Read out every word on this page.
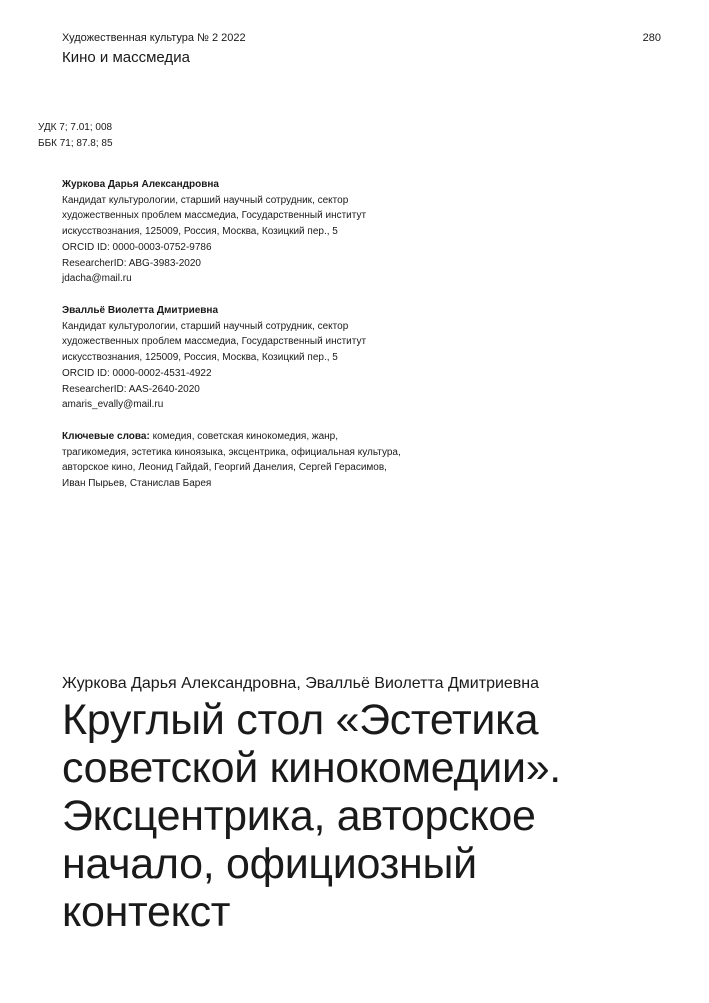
Художественная культура № 2 2022
Кино и массмедиа
280
УДК 7; 7.01; 008
ББК 71; 87.8; 85
Журкова Дарья Александровна
Кандидат культурологии, старший научный сотрудник, сектор
художественных проблем массмедиа, Государственный институт
искусствознания, 125009, Россия, Москва, Козицкий пер., 5
ORCID ID: 0000-0003-0752-9786
ResearcherID: ABG-3983-2020
jdacha@mail.ru
Эвалльё Виолетта Дмитриевна
Кандидат культурологии, старший научный сотрудник, сектор
художественных проблем массмедиа, Государственный институт
искусствознания, 125009, Россия, Москва, Козицкий пер., 5
ORCID ID: 0000-0002-4531-4922
ResearcherID: AAS-2640-2020
amaris_evally@mail.ru
Ключевые слова: комедия, советская кинокомедия, жанр,
трагикомедия, эстетика киноязыка, эксцентрика, официальная культура,
авторское кино, Леонид Гайдай, Георгий Данелия, Сергей Герасимов,
Иван Пырьев, Станислав Барея
Журкова Дарья Александровна, Эвалльё Виолетта Дмитриевна
Круглый стол «Эстетика
советской кинокомедии».
Эксцентрика, авторское
начало, официозный
контекст
